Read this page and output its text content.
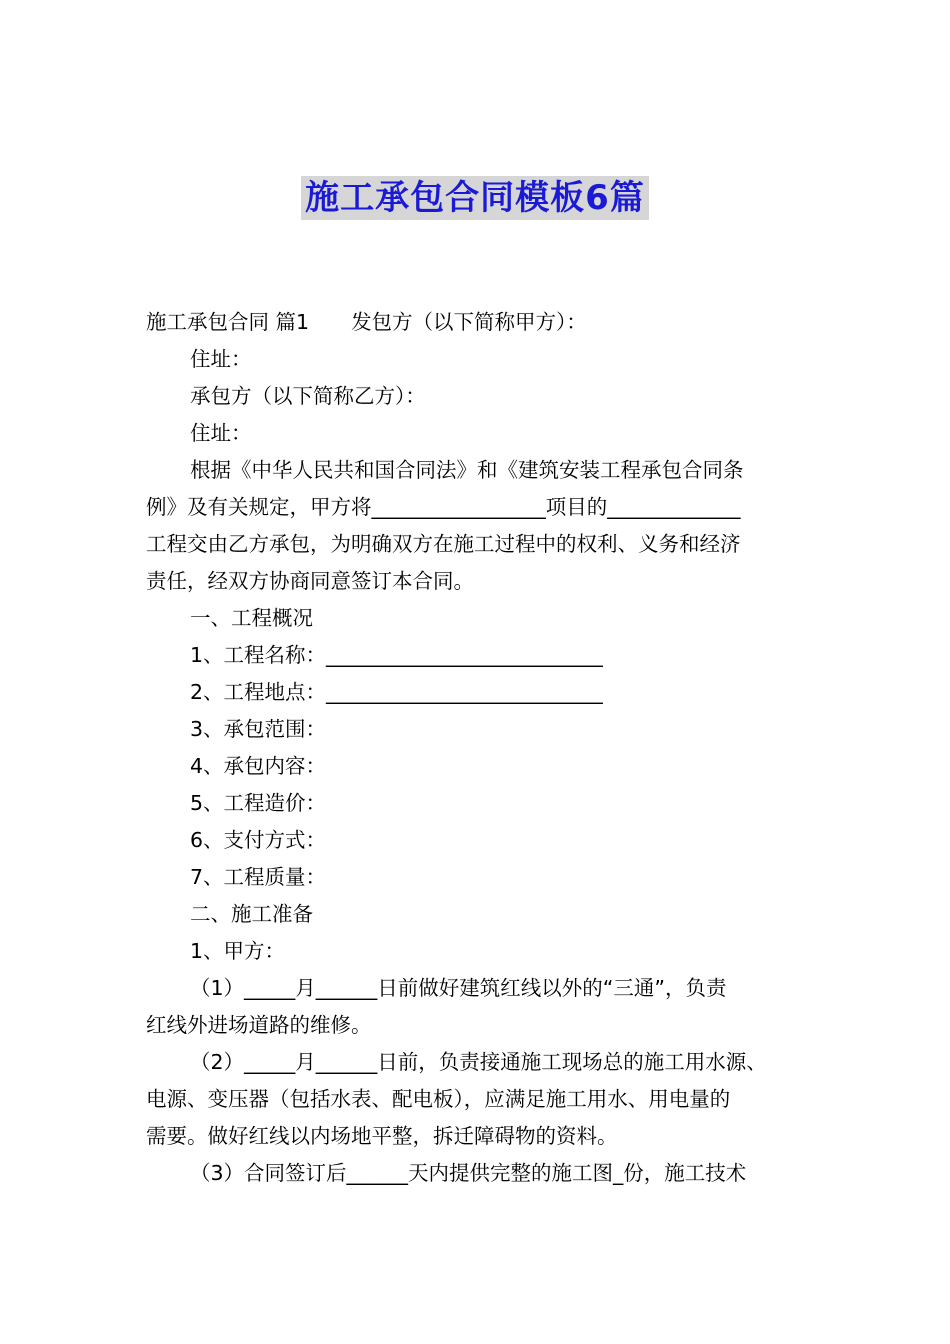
施工承包合同模板6篇
施工承包合同 篇1 发包方（以下简称甲方）：
住址：
承包方（以下简称乙方）：
住址：
根据《中华人民共和国合同法》和《建筑安装工程承包合同条
例》及有关规定，甲方将_________________项目的_____________
工程交由乙方承包，为明确双方在施工过程中的权利、义务和经济
责任，经双方协商同意签订本合同。
一、工程概况
1、工程名称：___________________________
2、工程地点：___________________________
3、承包范围：
4、承包内容：
5、工程造价：
6、支付方式：
7、工程质量：
二、施工准备
1、甲方：
（1）_____月______日前做好建筑红线以外的“三通”，负责
红线外进场道路的维修。
（2）_____月______日前，负责接通施工现场总的施工用水源、
电源、变压器（包括水表、配电板），应满足施工用水、用电量的
需要。做好红线以内场地平整，拆迁障碍物的资料。
（3）合同签订后______天内提供完整的施工图_份，施工技术
